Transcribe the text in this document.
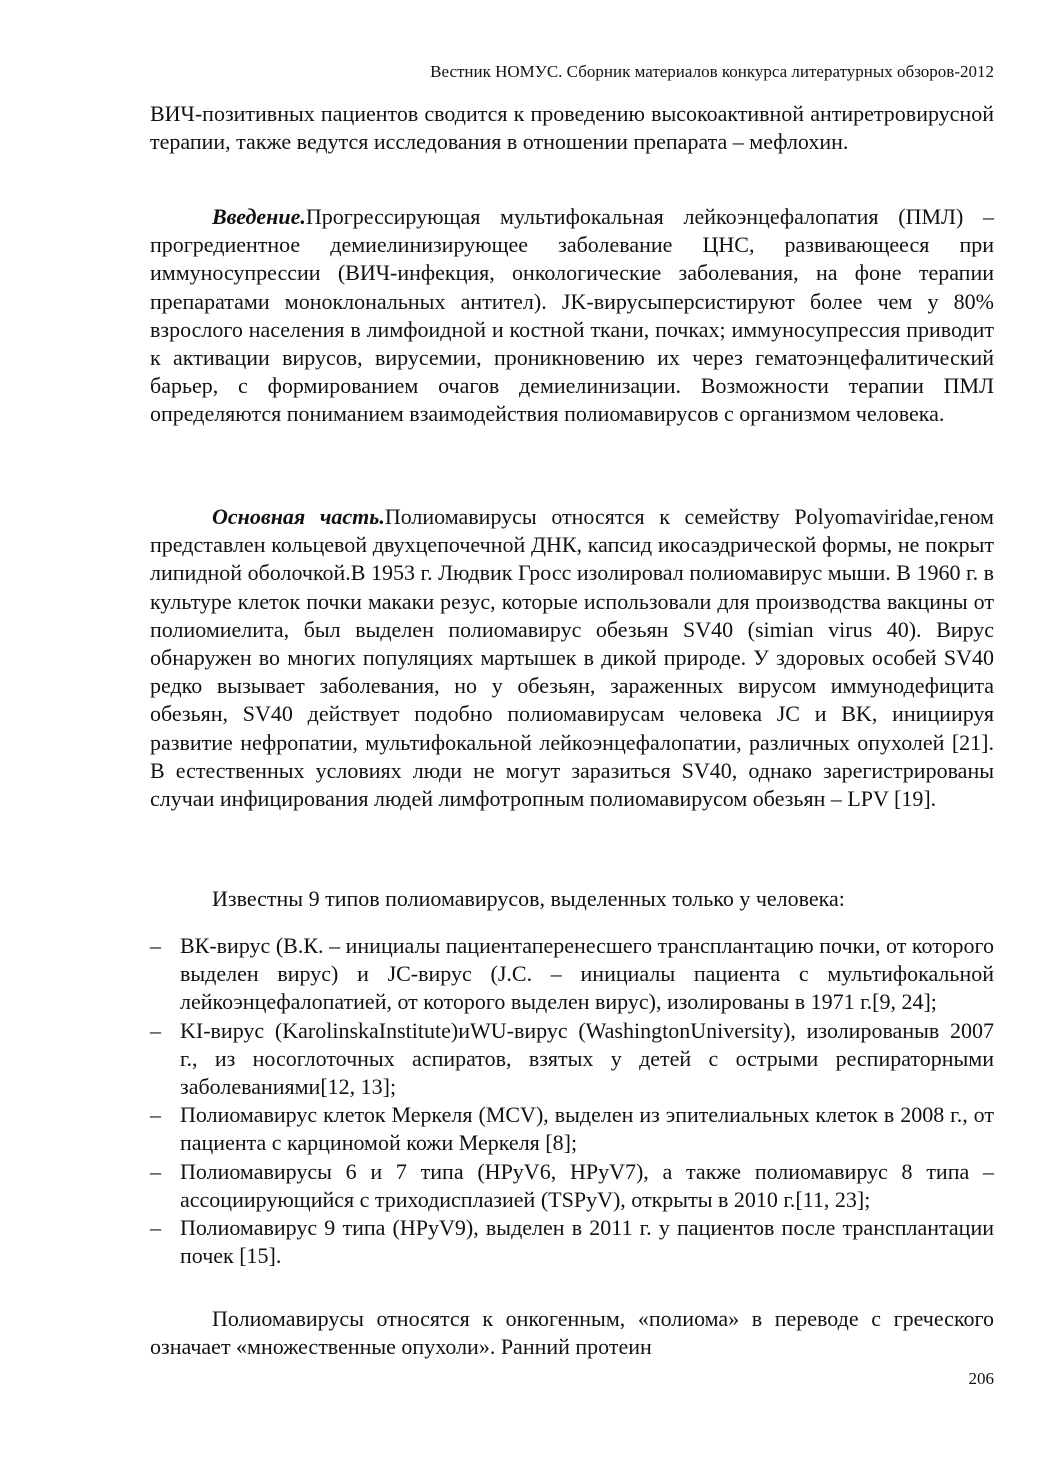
Вестник НОМУС. Сборник материалов конкурса литературных обзоров-2012

ВИЧ-позитивных пациентов сводится к проведению высокоактивной антиретровирусной терапии, также ведутся исследования в отношении препарата – мефлохин.

Введение.Прогрессирующая мультифокальная лейкоэнцефалопатия (ПМЛ) – прогредиентное демиелинизирующее заболевание ЦНС, развивающееся при иммуносупрессии (ВИЧ-инфекция, онкологические заболевания, на фоне терапии препаратами моноклональных антител). JK-вирусыперсистируют более чем у 80% взрослого населения в лимфоидной и костной ткани, почках; иммуносупрессия приводит к активации вирусов, вирусемии, проникновению их через гематоэнцефалитический барьер, с формированием очагов демиелинизации. Возможности терапии ПМЛ определяются пониманием взаимодействия полиомавирусов с организмом человека.

Основная часть.Полиомавирусы относятся к семейству Polyomaviridae,геном представлен кольцевой двухцепочечной ДНК, капсид икосаэдрической формы, не покрыт липидной оболочкой.В 1953 г. Людвик Гросс изолировал полиомавирус мыши. В 1960 г. в культуре клеток почки макаки резус, которые использовали для производства вакцины от полиомиелита, был выделен полиомавирус обезьян SV40 (simian virus 40). Вирус обнаружен во многих популяциях мартышек в дикой природе. У здоровых особей SV40 редко вызывает заболевания, но у обезьян, зараженных вирусом иммунодефицита обезьян, SV40 действует подобно полиомавирусам человека JC и BK, инициируя развитие нефропатии, мультифокальной лейкоэнцефалопатии, различных опухолей [21]. В естественных условиях люди не могут заразиться SV40, однако зарегистрированы случаи инфицирования людей лимфотропным полиомавирусом обезьян – LPV [19].

Известны 9 типов полиомавирусов, выделенных только у человека:

– ВК-вирус (В.К. – инициалы пациентаперенесшего трансплантацию почки, от которого выделен вирус) и JC-вирус (J.C. – инициалы пациента с мультифокальной лейкоэнцефалопатией, от которого выделен вирус), изолированы в 1971 г.[9, 24];
– KI-вирус (KarolinskaInstitute)иWU-вирус (WashingtonUniversity), изолированыв 2007 г., из носоглоточных аспиратов, взятых у детей с острыми респираторными заболеваниями[12, 13];
– Полиомавирус клеток Меркеля (MCV), выделен из эпителиальных клеток в 2008 г., от пациента с карциномой кожи Меркеля [8];
– Полиомавирусы 6 и 7 типа (HPyV6, HPyV7), а также полиомавирус 8 типа – ассоциирующийся с триходисплазией (TSPyV), открыты в 2010 г.[11, 23];
– Полиомавирус 9 типа (HPyV9), выделен в 2011 г. у пациентов после трансплантации почек [15].

Полиомавирусы относятся к онкогенным, «полиома» в переводе с греческого означает «множественные опухоли». Ранний протеин

206
